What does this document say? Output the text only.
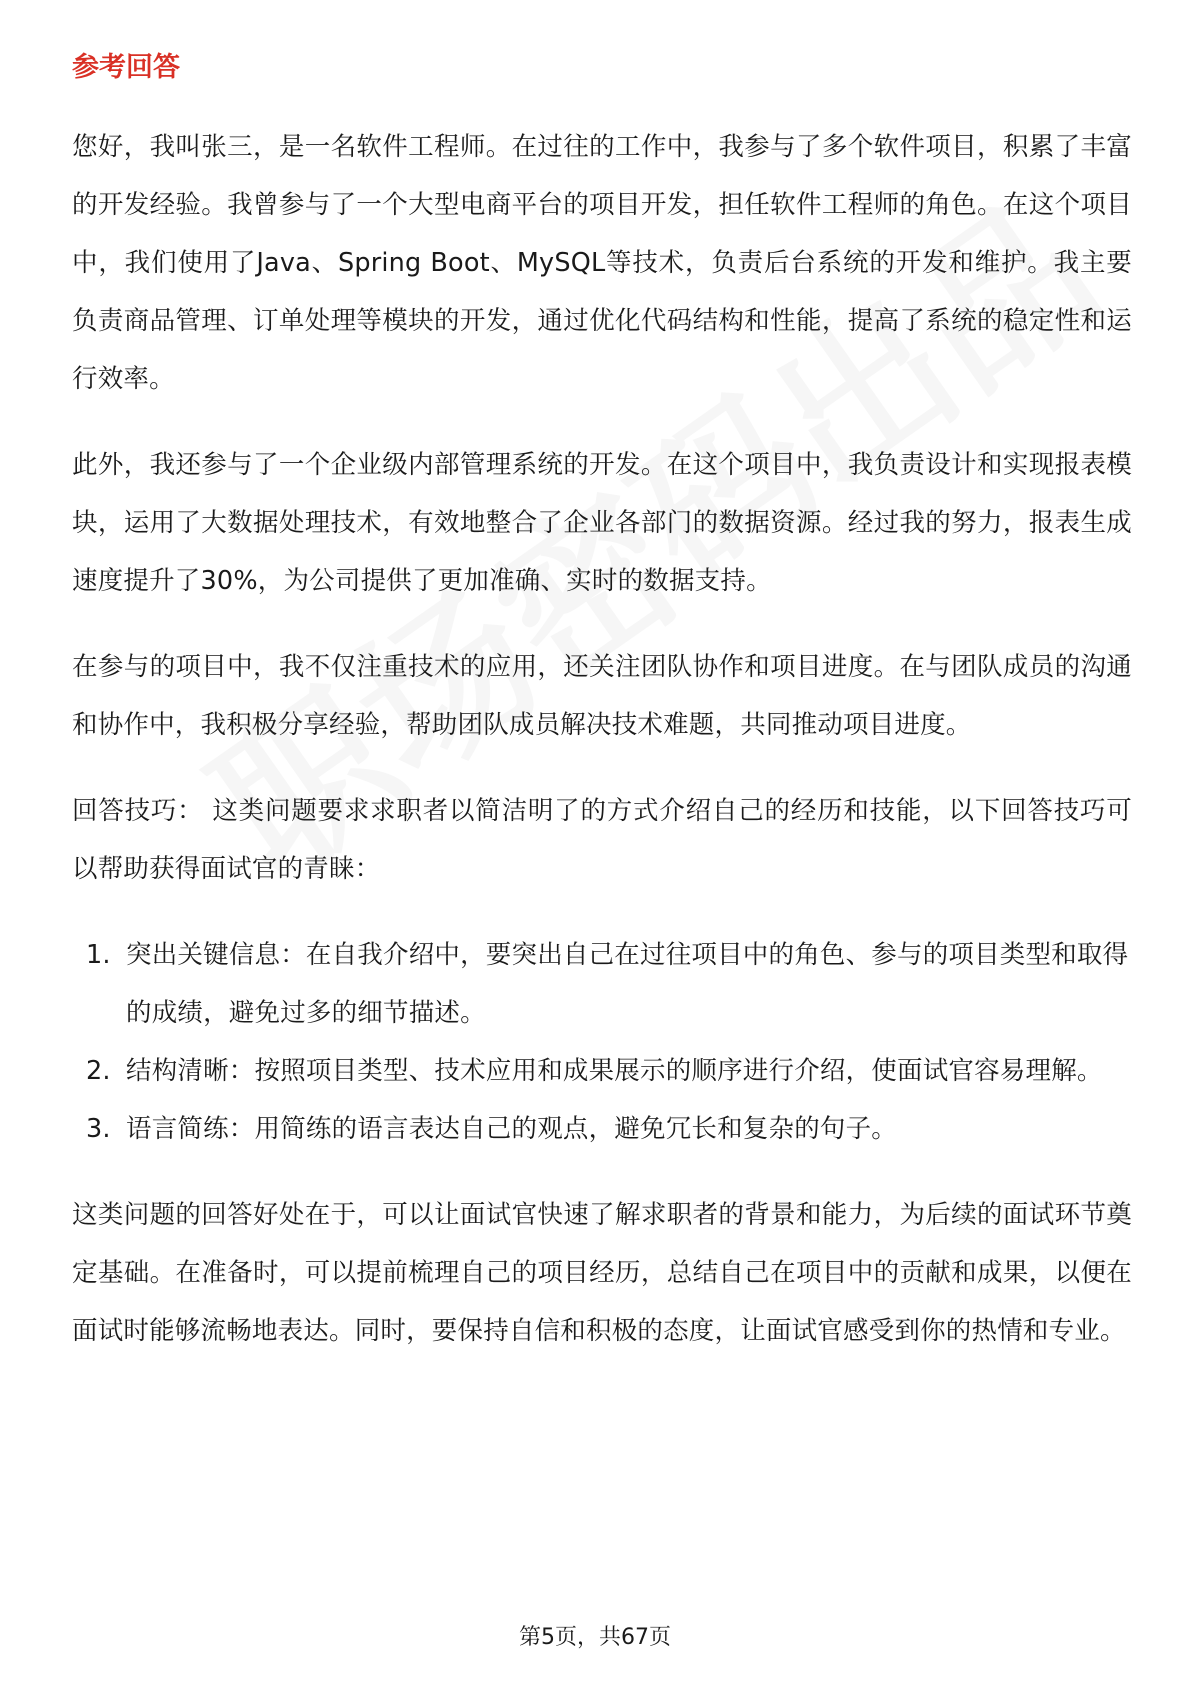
参考回答

您好，我叫张三，是一名软件工程师。在过往的工作中，我参与了多个软件项目，积累了丰富的开发经验。我曾参与了一个大型电商平台的项目开发，担任软件工程师的角色。在这个项目中，我们使用了Java、Spring Boot、MySQL等技术，负责后台系统的开发和维护。我主要负责商品管理、订单处理等模块的开发，通过优化代码结构和性能，提高了系统的稳定性和运行效率。

此外，我还参与了一个企业级内部管理系统的开发。在这个项目中，我负责设计和实现报表模块，运用了大数据处理技术，有效地整合了企业各部门的数据资源。经过我的努力，报表生成速度提升了30%，为公司提供了更加准确、实时的数据支持。

在参与的项目中，我不仅注重技术的应用，还关注团队协作和项目进度。在与团队成员的沟通和协作中，我积极分享经验，帮助团队成员解决技术难题，共同推动项目进度。

回答技巧： 这类问题要求求职者以简洁明了的方式介绍自己的经历和技能，以下回答技巧可以帮助获得面试官的青睐：

1. 突出关键信息：在自我介绍中，要突出自己在过往项目中的角色、参与的项目类型和取得的成绩，避免过多的细节描述。
2. 结构清晰：按照项目类型、技术应用和成果展示的顺序进行介绍，使面试官容易理解。
3. 语言简练：用简练的语言表达自己的观点，避免冗长和复杂的句子。

这类问题的回答好处在于，可以让面试官快速了解求职者的背景和能力，为后续的面试环节奠定基础。在准备时，可以提前梳理自己的项目经历，总结自己在项目中的贡献和成果，以便在面试时能够流畅地表达。同时，要保持自信和积极的态度，让面试官感受到你的热情和专业。

第5页，共67页
